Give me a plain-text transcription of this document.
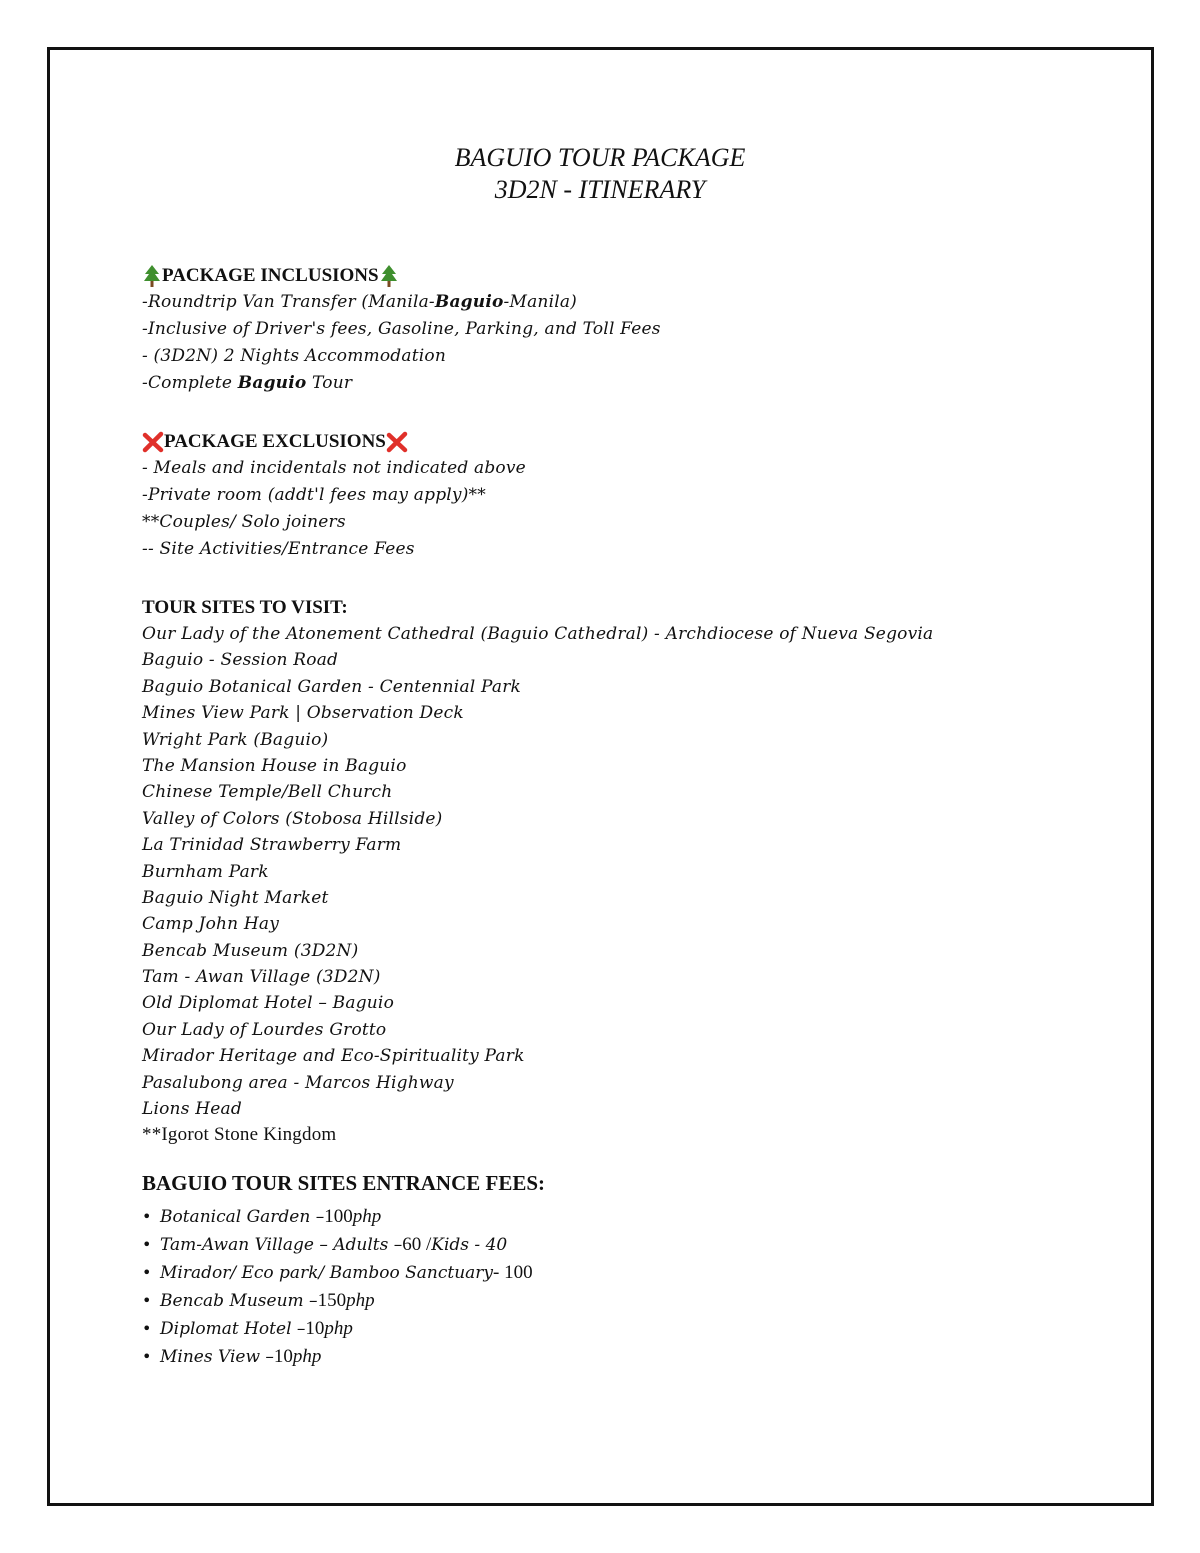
BAGUIO TOUR PACKAGE
3D2N - ITINERARY
PACKAGE INCLUSIONS
-Roundtrip Van Transfer (Manila-Baguio-Manila)
-Inclusive of Driver's fees, Gasoline, Parking, and Toll Fees
- (3D2N) 2 Nights Accommodation
-Complete Baguio Tour
PACKAGE EXCLUSIONS
- Meals and incidentals not indicated above
-Private room (addt'l fees may apply)**
**Couples/ Solo joiners
-- Site Activities/Entrance Fees
TOUR SITES TO VISIT:
Our Lady of the Atonement Cathedral (Baguio Cathedral) - Archdiocese of Nueva Segovia
Baguio - Session Road
Baguio Botanical Garden - Centennial Park
Mines View Park | Observation Deck
Wright Park (Baguio)
The Mansion House in Baguio
Chinese Temple/Bell Church
Valley of Colors (Stobosa Hillside)
La Trinidad Strawberry Farm
Burnham Park
Baguio Night Market
Camp John Hay
Bencab Museum (3D2N)
Tam - Awan Village (3D2N)
Old Diplomat Hotel – Baguio
Our Lady of Lourdes Grotto
Mirador Heritage and Eco-Spirituality Park
Pasalubong area - Marcos Highway
Lions Head
**Igorot Stone Kingdom
BAGUIO TOUR SITES ENTRANCE FEES:
• Botanical Garden – 100 php
• Tam-Awan Village – Adults – 60 / Kids - 40
• Mirador/ Eco park/ Bamboo Sanctuary - 100
• Bencab Museum – 150 php
• Diplomat Hotel – 10 php
• Mines View – 10 php
